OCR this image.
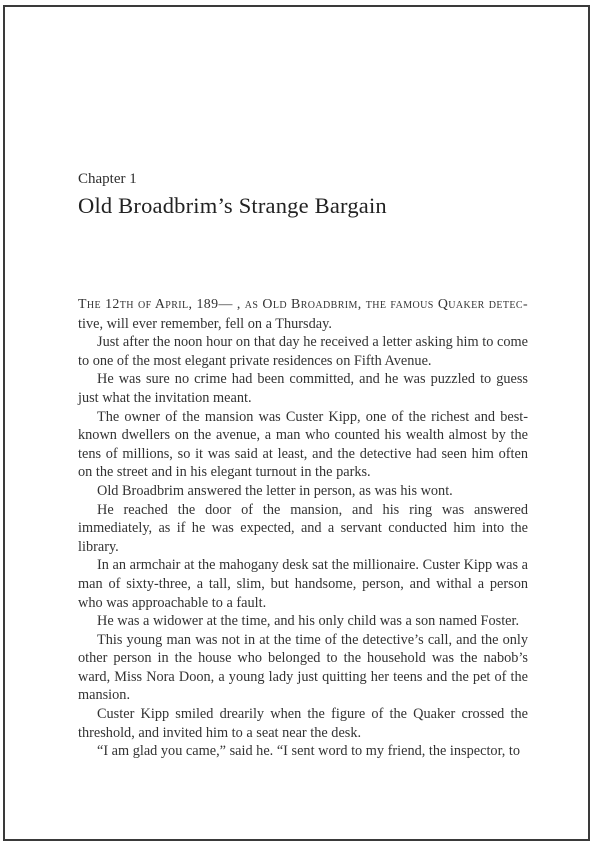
Chapter 1

Old Broadbrim’s Strange Bargain

The 12th of April, 189— , as Old Broadbrim, the famous Quaker detec-
tive, will ever remember, fell on a Thursday.

Just after the noon hour on that day he received a letter asking him to come to one of the most elegant private residences on Fifth Avenue.

He was sure no crime had been committed, and he was puzzled to guess just what the invitation meant.

The owner of the mansion was Custer Kipp, one of the richest and best-known dwellers on the avenue, a man who counted his wealth almost by the tens of millions, so it was said at least, and the detective had seen him often on the street and in his elegant turnout in the parks.

Old Broadbrim answered the letter in person, as was his wont.

He reached the door of the mansion, and his ring was answered immediately, as if he was expected, and a servant conducted him into the library.

In an armchair at the mahogany desk sat the millionaire. Custer Kipp was a man of sixty-three, a tall, slim, but handsome, person, and withal a person who was approachable to a fault.

He was a widower at the time, and his only child was a son named Foster.

This young man was not in at the time of the detective’s call, and the only other person in the house who belonged to the household was the nabob’s ward, Miss Nora Doon, a young lady just quitting her teens and the pet of the mansion.

Custer Kipp smiled drearily when the figure of the Quaker crossed the threshold, and invited him to a seat near the desk.

“I am glad you came,” said he. “I sent word to my friend, the inspector, to
